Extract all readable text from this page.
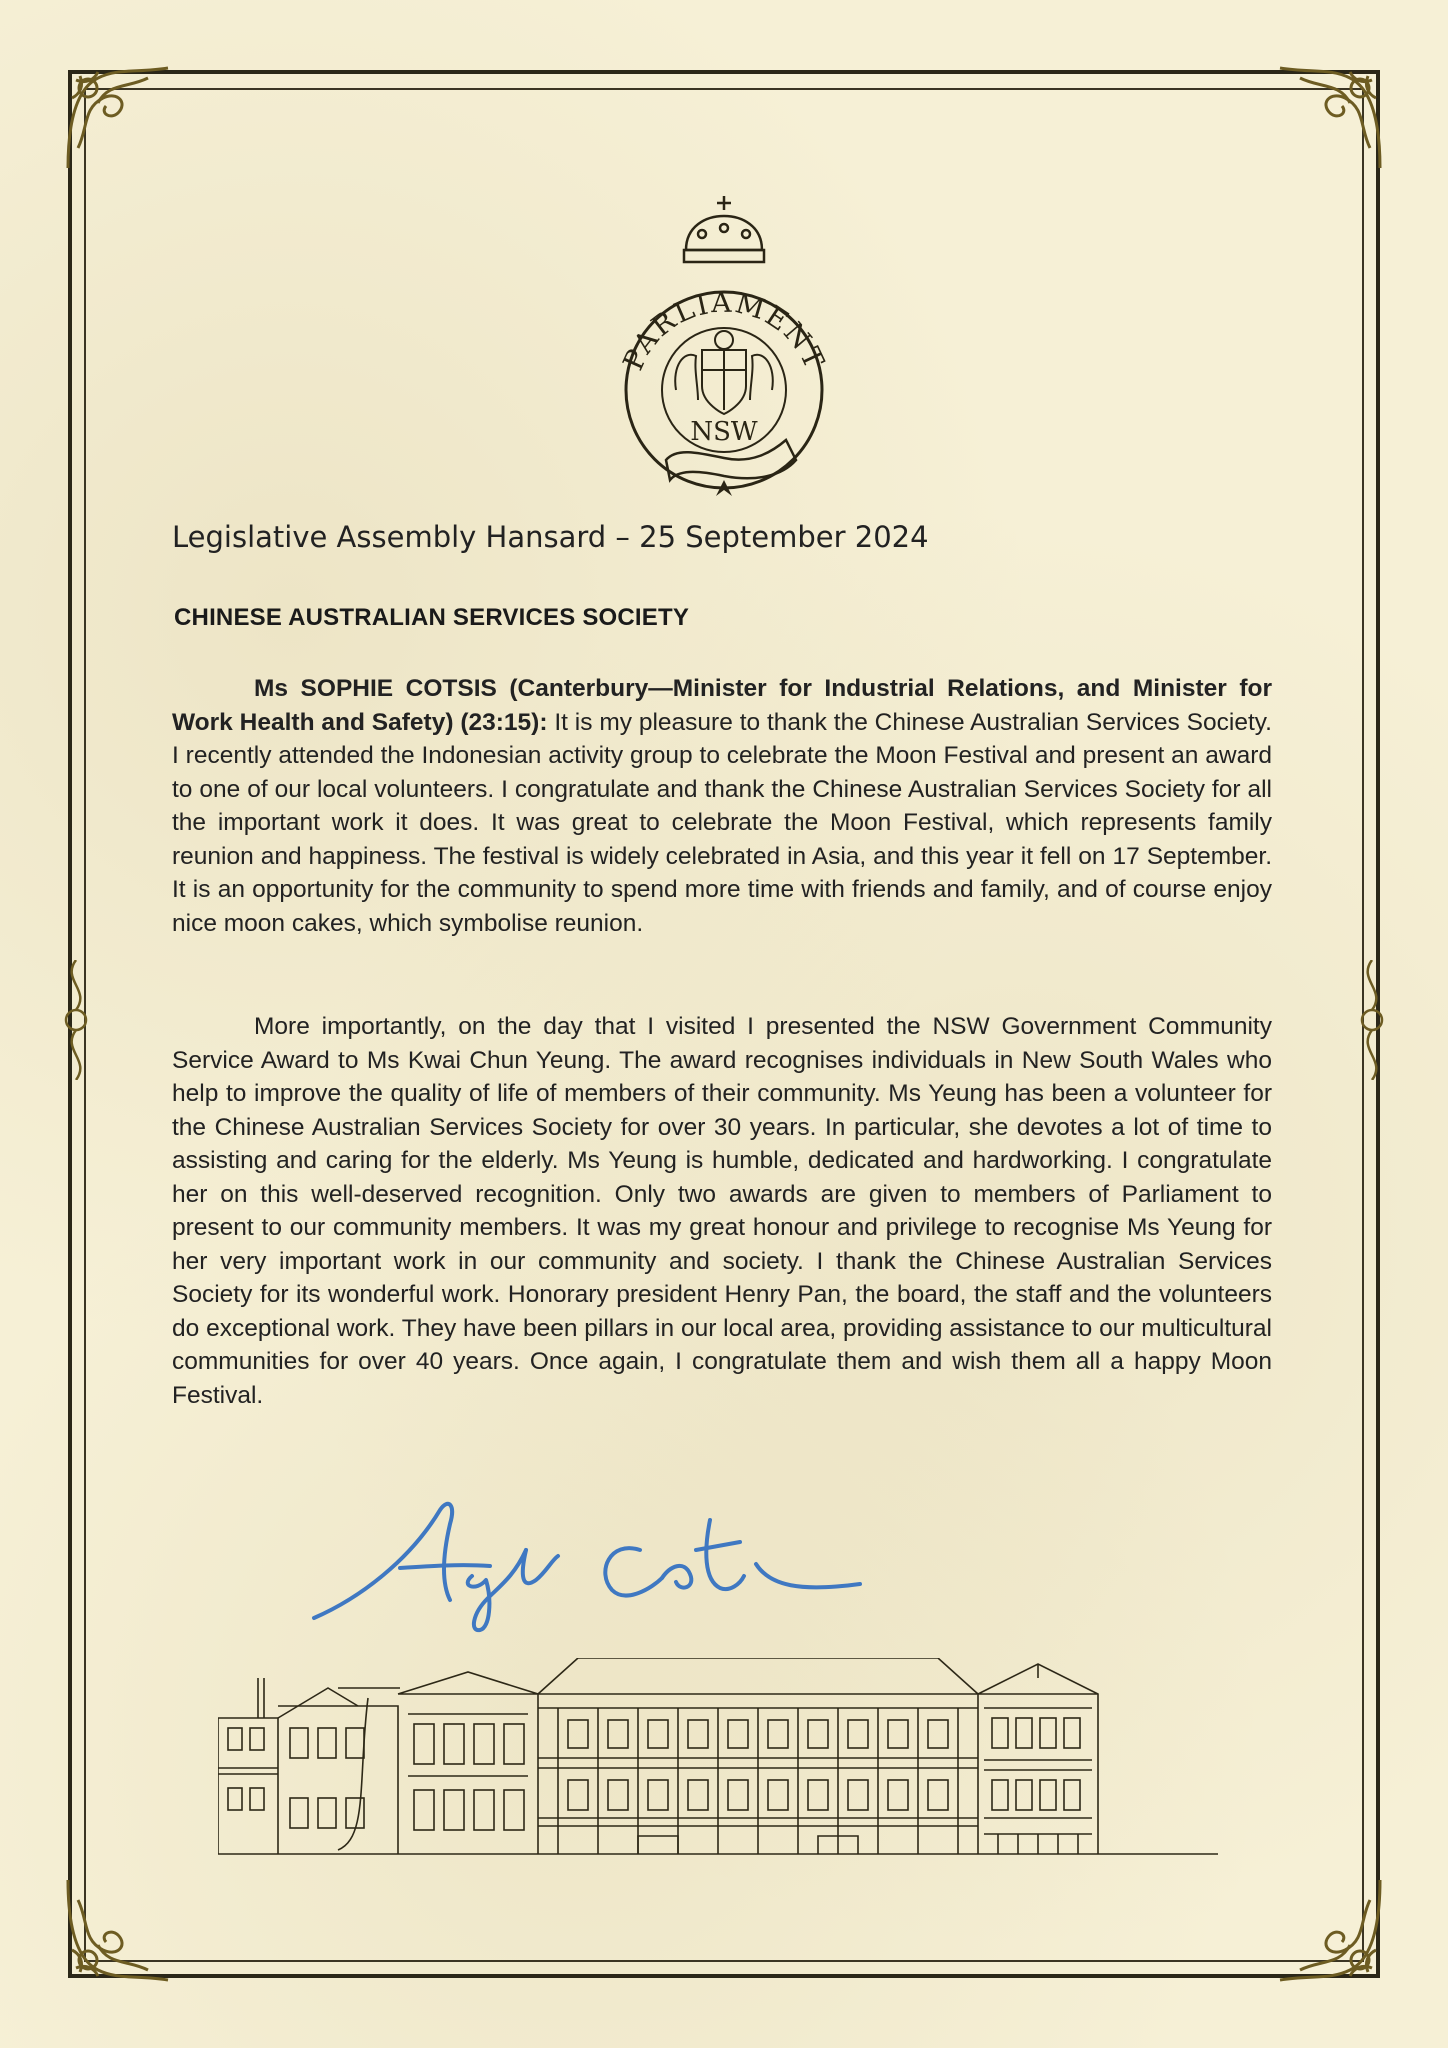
PARLIAMENT
NSW
Legislative Assembly Hansard – 25 September 2024
CHINESE AUSTRALIAN SERVICES SOCIETY
Ms SOPHIE COTSIS (Canterbury—Minister for Industrial Relations, and Minister for Work Health and Safety) (23:15): It is my pleasure to thank the Chinese Australian Services Society. I recently attended the Indonesian activity group to celebrate the Moon Festival and present an award to one of our local volunteers. I congratulate and thank the Chinese Australian Services Society for all the important work it does. It was great to celebrate the Moon Festival, which represents family reunion and happiness. The festival is widely celebrated in Asia, and this year it fell on 17 September. It is an opportunity for the community to spend more time with friends and family, and of course enjoy nice moon cakes, which symbolise reunion.
More importantly, on the day that I visited I presented the NSW Government Community Service Award to Ms Kwai Chun Yeung. The award recognises individuals in New South Wales who help to improve the quality of life of members of their community. Ms Yeung has been a volunteer for the Chinese Australian Services Society for over 30 years. In particular, she devotes a lot of time to assisting and caring for the elderly. Ms Yeung is humble, dedicated and hardworking. I congratulate her on this well-deserved recognition. Only two awards are given to members of Parliament to present to our community members. It was my great honour and privilege to recognise Ms Yeung for her very important work in our community and society. I thank the Chinese Australian Services Society for its wonderful work. Honorary president Henry Pan, the board, the staff and the volunteers do exceptional work. They have been pillars in our local area, providing assistance to our multicultural communities for over 40 years. Once again, I congratulate them and wish them all a happy Moon Festival.
